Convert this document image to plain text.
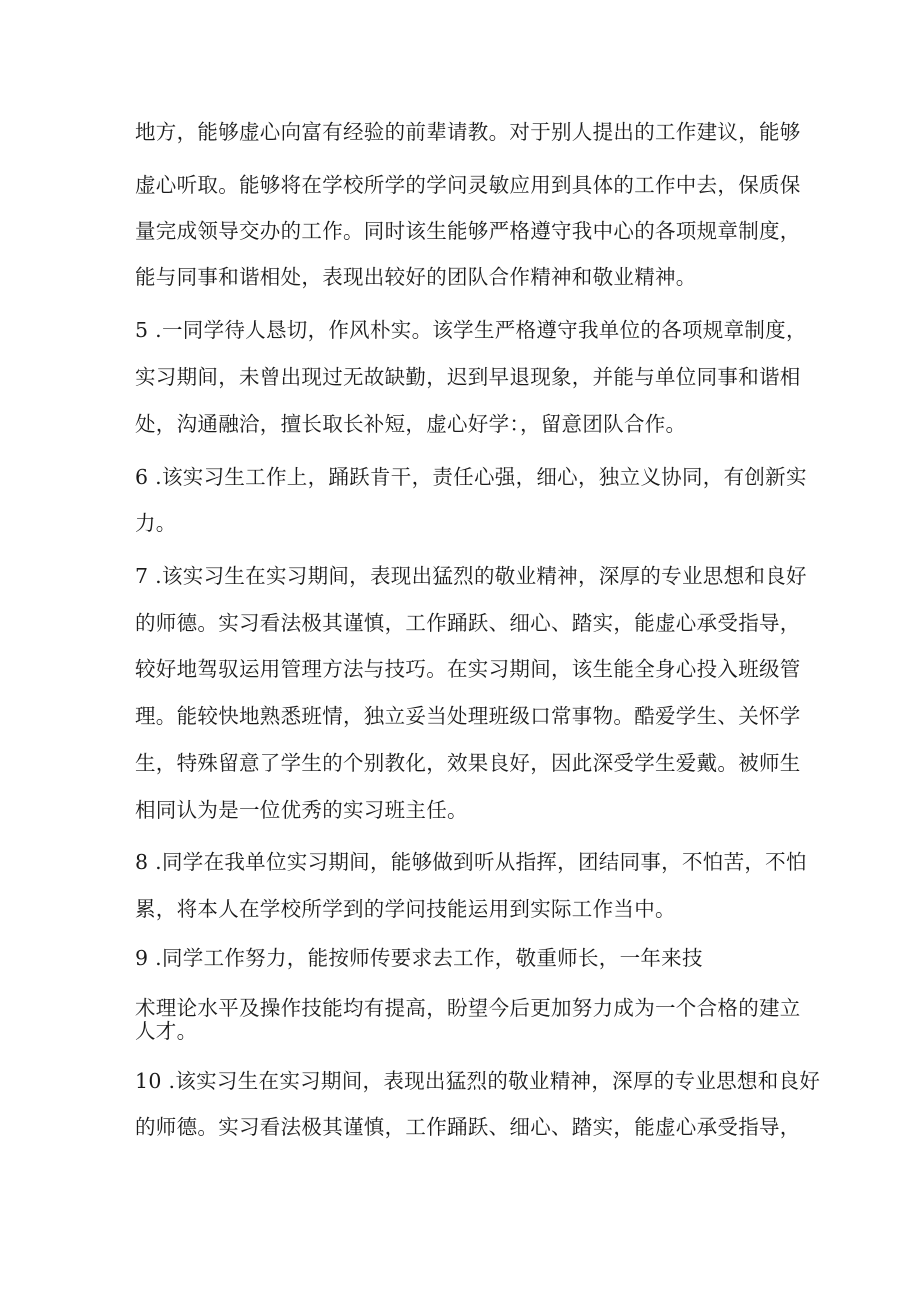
地方，能够虚心向富有经验的前辈请教。对于别人提出的工作建议，能够

虚心听取。能够将在学校所学的学问灵敏应用到具体的工作中去，保质保

量完成领导交办的工作。同时该生能够严格遵守我中心的各项规章制度，

能与同事和谐相处，表现出较好的团队合作精神和敬业精神。

5 .一同学待人恳切，作风朴实。该学生严格遵守我单位的各项规章制度，

实习期间，未曾出现过无故缺勤，迟到早退现象，并能与单位同事和谐相

处，沟通融洽，擅长取长补短，虚心好学：，留意团队合作。

6 .该实习生工作上，踊跃肯干，责任心强，细心，独立义协同，有创新实

力。

7 .该实习生在实习期间，表现出猛烈的敬业精神，深厚的专业思想和良好

的师德。实习看法极其谨慎，工作踊跃、细心、踏实，能虚心承受指导，

较好地驾驭运用管理方法与技巧。在实习期间，该生能全身心投入班级管

理。能较快地熟悉班情，独立妥当处理班级口常事物。酷爱学生、关怀学

生，特殊留意了学生的个别教化，效果良好，因此深受学生爱戴。被师生

相同认为是一位优秀的实习班主任。

8 .同学在我单位实习期间，能够做到听从指挥，团结同事，不怕苦，不怕

累，将本人在学校所学到的学问技能运用到实际工作当中。

9 .同学工作努力，能按师传要求去工作，敬重师长，一年来技

术理论水平及操作技能均有提高，盼望今后更加努力成为一个合格的建立

人才。

10 .该实习生在实习期间，表现出猛烈的敬业精神，深厚的专业思想和良好

的师德。实习看法极其谨慎，工作踊跃、细心、踏实，能虚心承受指导，
